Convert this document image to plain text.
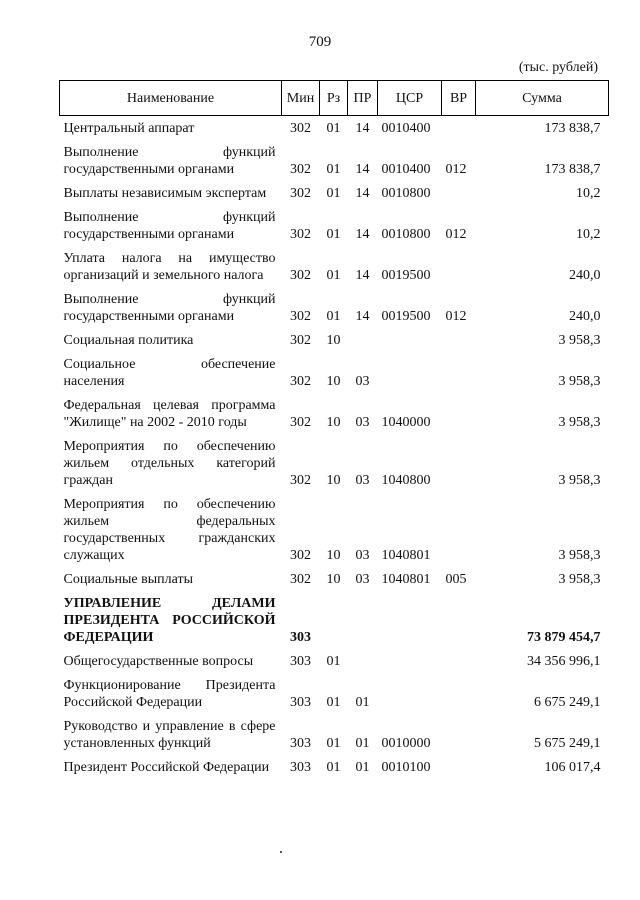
709
(тыс. рублей)
Наименование	Мин	Рз	ПР	ЦСР	ВР	Сумма
Центральный аппарат	302	01	14	0010400		173 838,7
Выполнение функций государственными органами	302	01	14	0010400	012	173 838,7
Выплаты независимым экспертам	302	01	14	0010800		10,2
Выполнение функций государственными органами	302	01	14	0010800	012	10,2
Уплата налога на имущество организаций и земельного налога	302	01	14	0019500		240,0
Выполнение функций государственными органами	302	01	14	0019500	012	240,0
Социальная политика	302	10				3 958,3
Социальное обеспечение населения	302	10	03			3 958,3
Федеральная целевая программа "Жилище" на 2002 - 2010 годы	302	10	03	1040000		3 958,3
Мероприятия по обеспечению жильем отдельных категорий граждан	302	10	03	1040800		3 958,3
Мероприятия по обеспечению жильем федеральных государственных гражданских служащих	302	10	03	1040801		3 958,3
Социальные выплаты	302	10	03	1040801	005	3 958,3
УПРАВЛЕНИЕ ДЕЛАМИ ПРЕЗИДЕНТА РОССИЙСКОЙ ФЕДЕРАЦИИ	303					73 879 454,7
Общегосударственные вопросы	303	01				34 356 996,1
Функционирование Президента Российской Федерации	303	01	01			6 675 249,1
Руководство и управление в сфере установленных функций	303	01	01	0010000		5 675 249,1
Президент Российской Федерации	303	01	01	0010100		106 017,4
